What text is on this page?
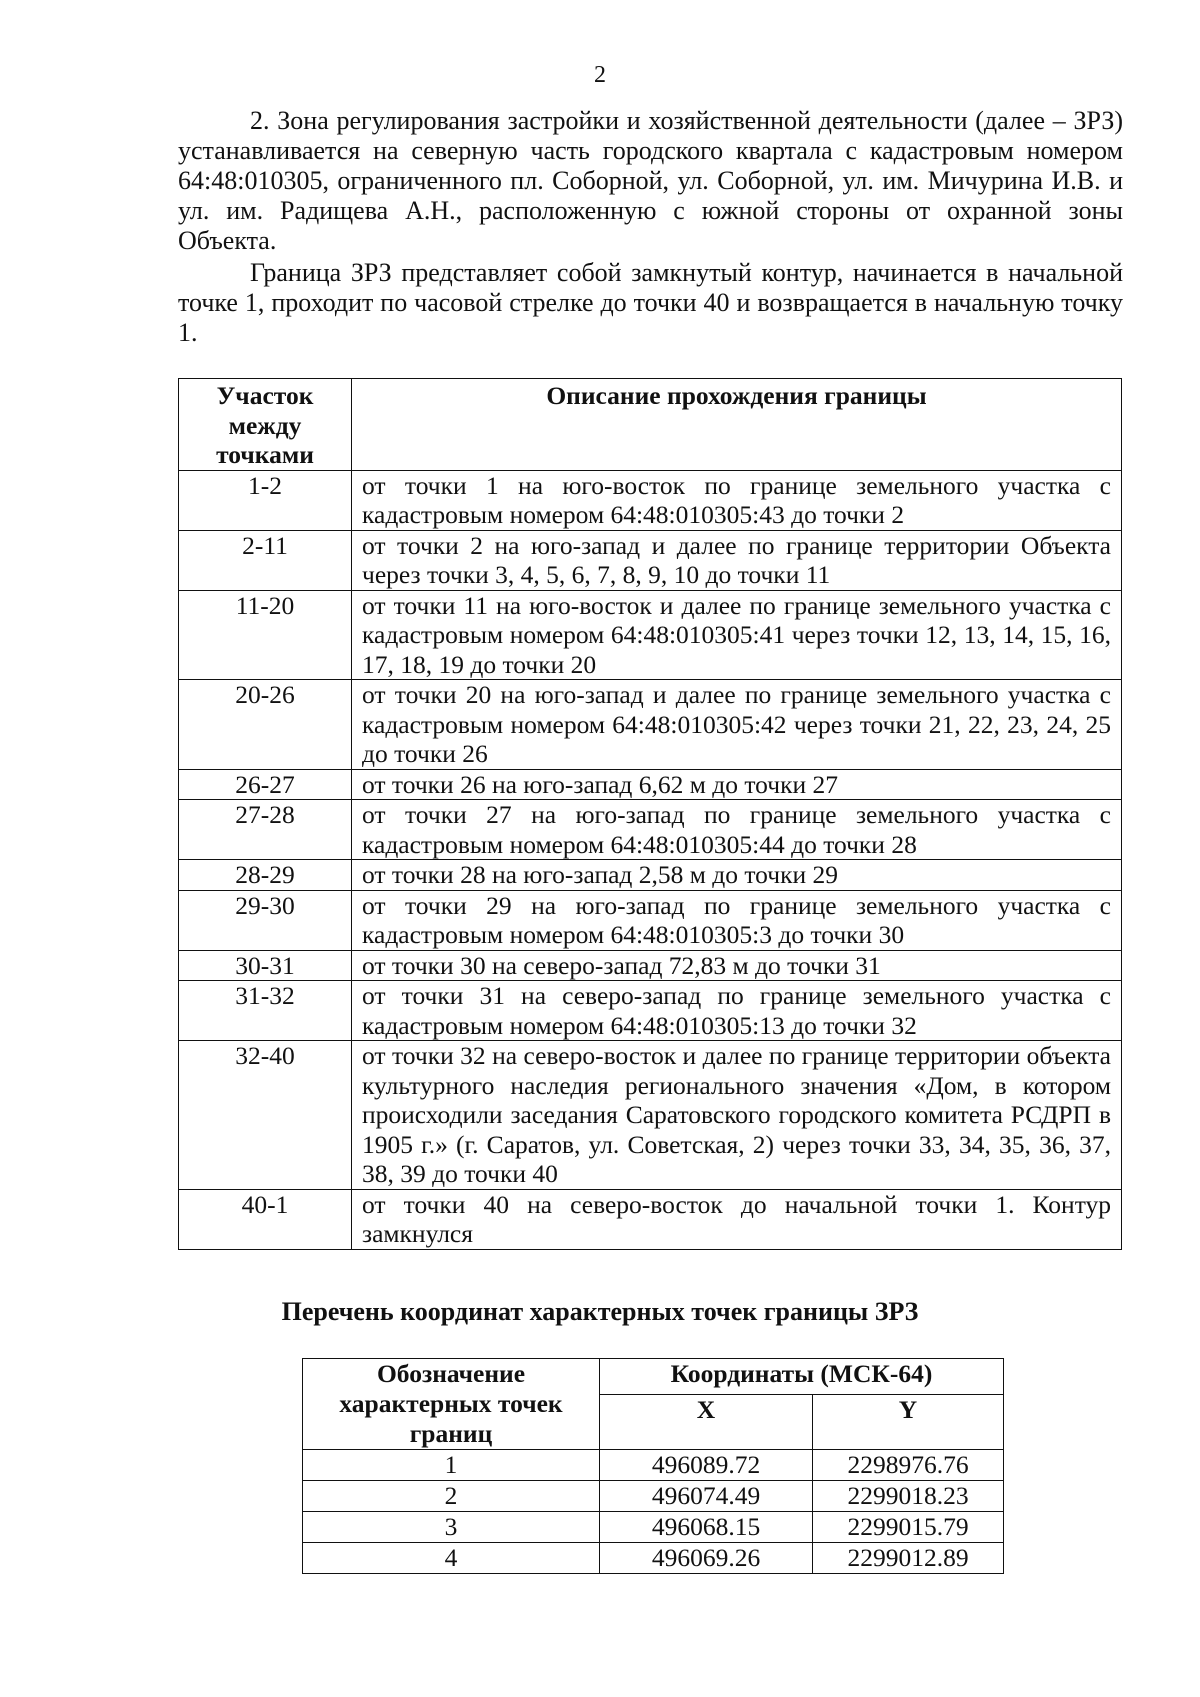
2

2. Зона регулирования застройки и хозяйственной деятельности (далее – ЗРЗ) устанавливается на северную часть городского квартала с кадастровым номером 64:48:010305, ограниченного пл. Соборной, ул. Соборной, ул. им. Мичурина И.В. и ул. им. Радищева А.Н., расположенную с южной стороны от охранной зоны Объекта.

Граница ЗРЗ представляет собой замкнутый контур, начинается в начальной точке 1, проходит по часовой стрелке до точки 40 и возвращается в начальную точку 1.

Участок между точками	Описание прохождения границы
1-2	от точки 1 на юго-восток по границе земельного участка с кадастровым номером 64:48:010305:43 до точки 2
2-11	от точки 2 на юго-запад и далее по границе территории Объекта через точки 3, 4, 5, 6, 7, 8, 9, 10 до точки 11
11-20	от точки 11 на юго-восток и далее по границе земельного участка с кадастровым номером 64:48:010305:41 через точки 12, 13, 14, 15, 16, 17, 18, 19 до точки 20
20-26	от точки 20 на юго-запад и далее по границе земельного участка с кадастровым номером 64:48:010305:42 через точки 21, 22, 23, 24, 25 до точки 26
26-27	от точки 26 на юго-запад 6,62 м до точки 27
27-28	от точки 27 на юго-запад по границе земельного участка с кадастровым номером 64:48:010305:44 до точки 28
28-29	от точки 28 на юго-запад 2,58 м до точки 29
29-30	от точки 29 на юго-запад по границе земельного участка с кадастровым номером 64:48:010305:3 до точки 30
30-31	от точки 30 на северо-запад 72,83 м до точки 31
31-32	от точки 31 на северо-запад по границе земельного участка с кадастровым номером 64:48:010305:13 до точки 32
32-40	от точки 32 на северо-восток и далее по границе территории объекта культурного наследия регионального значения «Дом, в котором происходили заседания Саратовского городского комитета РСДРП в 1905 г.» (г. Саратов, ул. Советская, 2) через точки 33, 34, 35, 36, 37, 38, 39 до точки 40
40-1	от точки 40 на северо-восток до начальной точки 1. Контур замкнулся
Перечень координат характерных точек границы ЗРЗ
Обозначение характерных точек границ	Координаты (МСК-64)	
	X	Y
1	496089.72	2298976.76
2	496074.49	2299018.23
3	496068.15	2299015.79
4	496069.26	2299012.89
